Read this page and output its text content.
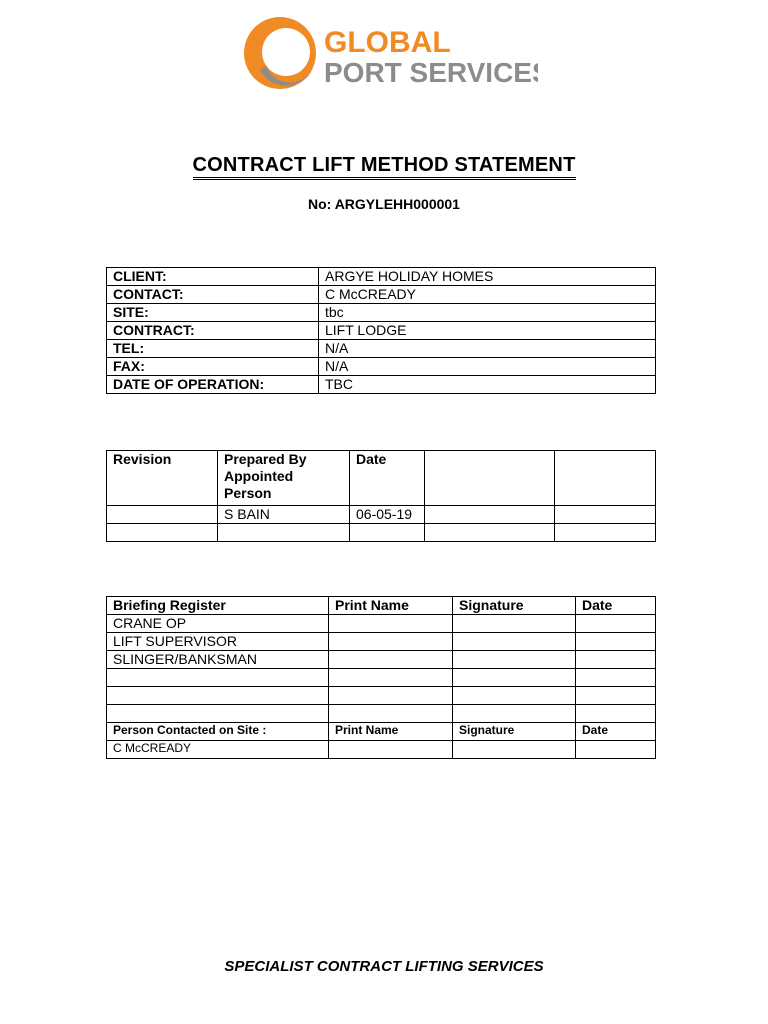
GLOBAL
PORT SERVICES
CONTRACT LIFT METHOD STATEMENT
No: ARGYLEHH000001
CLIENT:	ARGYE HOLIDAY HOMES
CONTACT:	C McCREADY
SITE:	tbc
CONTRACT:	LIFT LODGE
TEL:	N/A
FAX:	N/A
DATE OF OPERATION:	TBC
Revision	Prepared By Appointed Person	Date		
	S BAIN	06-05-19		

Briefing Register	Print Name	Signature	Date
CRANE OP			
LIFT SUPERVISOR			
SLINGER/BANKSMAN			

Person Contacted on Site :	Print Name	Signature	Date
C McCREADY			
SPECIALIST CONTRACT LIFTING SERVICES
